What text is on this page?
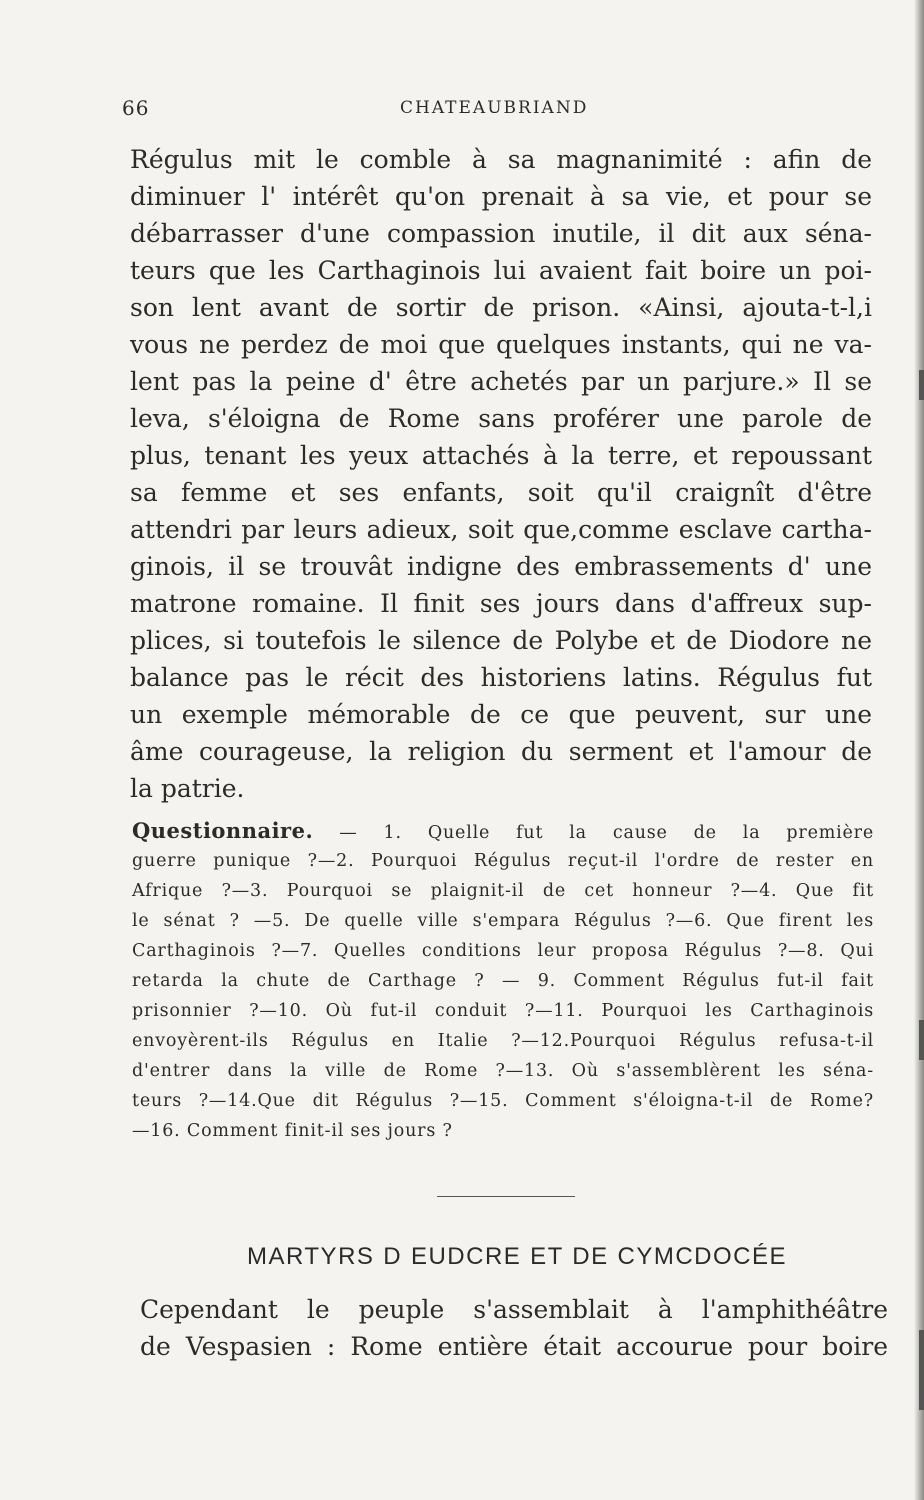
66	CHATEAUBRIAND
Régulus mit le comble à sa magnanimité : afin de
diminuer l' intérêt qu'on prenait à sa vie, et pour se
débarrasser d'une compassion inutile, il dit aux séna-
teurs que les Carthaginois lui avaient fait boire un poi-
son lent avant de sortir de prison. «Ainsi, ajouta-t-l,i
vous ne perdez de moi que quelques instants, qui ne va-
lent pas la peine d' être achetés par un parjure.» Il se
leva, s'éloigna de Rome sans proférer une parole de
plus, tenant les yeux attachés à la terre, et repoussant
sa femme et ses enfants, soit qu'il craignît d'être
attendri par leurs adieux, soit que,comme esclave cartha-
ginois, il se trouvât indigne des embrassements d' une
matrone romaine. Il finit ses jours dans d'affreux sup-
plices, si toutefois le silence de Polybe et de Diodore ne
balance pas le récit des historiens latins. Régulus fut
un exemple mémorable de ce que peuvent, sur une
âme courageuse, la religion du serment et l'amour de
la patrie.
Questionnaire. — 1. Quelle fut la cause de la première
guerre punique ?—2. Pourquoi Régulus reçut-il l'ordre de rester en
Afrique ?—3. Pourquoi se plaignit-il de cet honneur ?—4. Que fit
le sénat ? —5. De quelle ville s'empara Régulus ?—6. Que firent les
Carthaginois ?—7. Quelles conditions leur proposa Régulus ?—8. Qui
retarda la chute de Carthage ? — 9. Comment Régulus fut-il fait
prisonnier ?—10. Où fut-il conduit ?—11. Pourquoi les Carthaginois
envoyèrent-ils Régulus en Italie ?—12.Pourquoi Régulus refusa-t-il
d'entrer dans la ville de Rome ?—13. Où s'assemblèrent les séna-
teurs ?—14.Que dit Régulus ?—15. Comment s'éloigna-t-il de Rome?
—16. Comment finit-il ses jours ?
MARTYRS D EUDCRE ET DE CYMCDOCÉE
Cependant le peuple s'assemblait à l'amphithéâtre
de Vespasien : Rome entière était accourue pour boire
